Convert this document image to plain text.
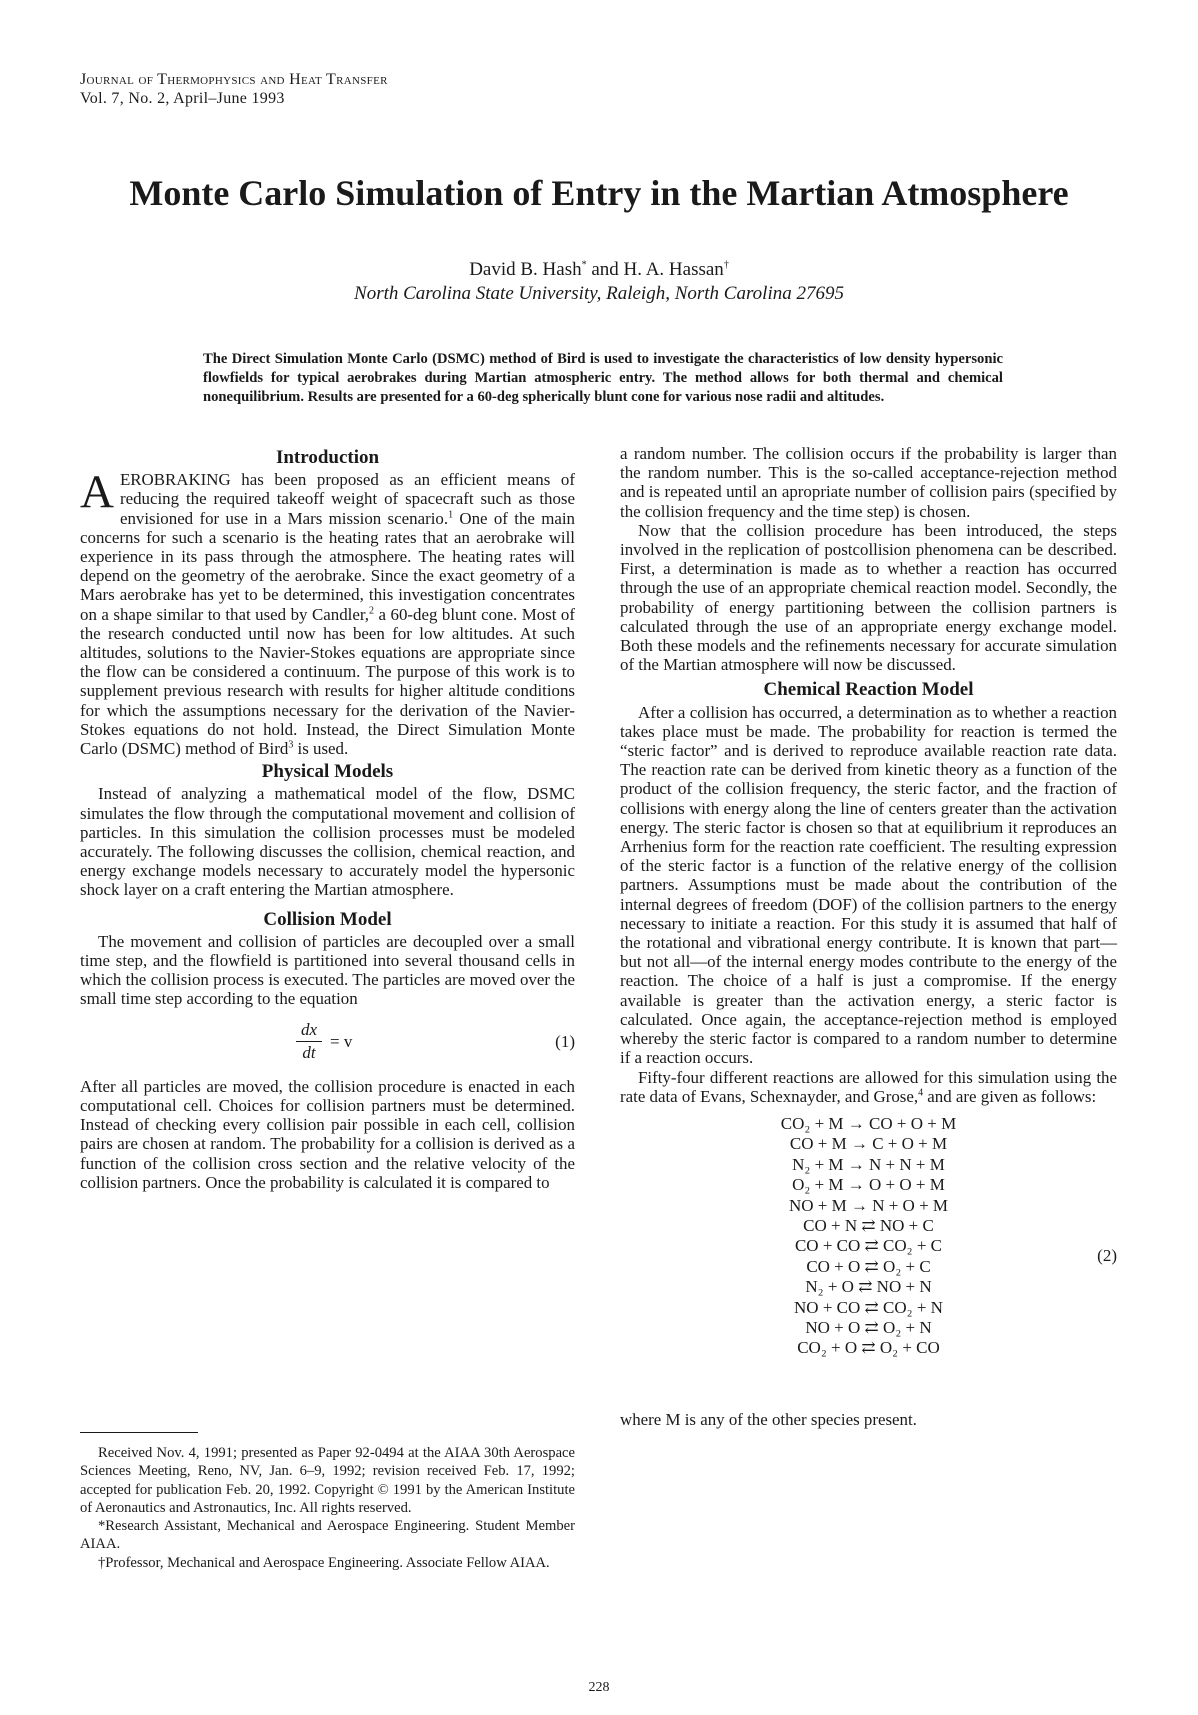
Journal of Thermophysics and Heat Transfer
Vol. 7, No. 2, April–June 1993
Monte Carlo Simulation of Entry in the Martian Atmosphere
David B. Hash* and H. A. Hassan†
North Carolina State University, Raleigh, North Carolina 27695
The Direct Simulation Monte Carlo (DSMC) method of Bird is used to investigate the characteristics of low density hypersonic flowfields for typical aerobrakes during Martian atmospheric entry. The method allows for both thermal and chemical nonequilibrium. Results are presented for a 60-deg spherically blunt cone for various nose radii and altitudes.
Introduction

AEROBRAKING has been proposed as an efficient means of reducing the required takeoff weight of spacecraft such as those envisioned for use in a Mars mission scenario.$^1$ One of the main concerns for such a scenario is the heating rates that an aerobrake will experience in its pass through the atmosphere. The heating rates will depend on the geometry of the aerobrake. Since the exact geometry of a Mars aerobrake has yet to be determined, this investigation concentrates on a shape similar to that used by Candler,$^2$ a 60-deg blunt cone. Most of the research conducted until now has been for low altitudes. At such altitudes, solutions to the Navier-Stokes equations are appropriate since the flow can be considered a continuum. The purpose of this work is to supplement previous research with results for higher altitude conditions for which the assumptions necessary for the derivation of the Navier-Stokes equations do not hold. Instead, the Direct Simulation Monte Carlo (DSMC) method of Bird$^3$ is used.

Physical Models

Instead of analyzing a mathematical model of the flow, DSMC simulates the flow through the computational movement and collision of particles. In this simulation the collision processes must be modeled accurately. The following discusses the collision, chemical reaction, and energy exchange models necessary to accurately model the hypersonic shock layer on a craft entering the Martian atmosphere.

Collision Model

The movement and collision of particles are decoupled over a small time step, and the flowfield is partitioned into several thousand cells in which the collision process is executed. The particles are moved over the small time step according to the equation

dx
dt
= v	(1)

After all particles are moved, the collision procedure is enacted in each computational cell. Choices for collision partners must be determined. Instead of checking every collision pair possible in each cell, collision pairs are chosen at random. The probability for a collision is derived as a function of the collision cross section and the relative velocity of the collision partners. Once the probability is calculated it is compared to

a random number. The collision occurs if the probability is larger than the random number. This is the so-called acceptance-rejection method and is repeated until an apropriate number of collision pairs (specified by the collision frequency and the time step) is chosen.

Now that the collision procedure has been introduced, the steps involved in the replication of postcollision phenomena can be described. First, a determination is made as to whether a reaction has occurred through the use of an appropriate chemical reaction model. Secondly, the probability of energy partitioning between the collision partners is calculated through the use of an appropriate energy exchange model. Both these models and the refinements necessary for accurate simulation of the Martian atmosphere will now be discussed.

Chemical Reaction Model

After a collision has occurred, a determination as to whether a reaction takes place must be made. The probability for reaction is termed the “steric factor” and is derived to reproduce available reaction rate data. The reaction rate can be derived from kinetic theory as a function of the product of the collision frequency, the steric factor, and the fraction of collisions with energy along the line of centers greater than the activation energy. The steric factor is chosen so that at equilibrium it reproduces an Arrhenius form for the reaction rate coefficient. The resulting expression of the steric factor is a function of the relative energy of the collision partners. Assumptions must be made about the contribution of the internal degrees of freedom (DOF) of the collision partners to the energy necessary to initiate a reaction. For this study it is assumed that half of the rotational and vibrational energy contribute. It is known that part—but not all—of the internal energy modes contribute to the energy of the reaction. The choice of a half is just a compromise. If the energy available is greater than the activation energy, a steric factor is calculated. Once again, the acceptance-rejection method is employed whereby the steric factor is compared to a random number to determine if a reaction occurs.

Fifty-four different reactions are allowed for this simulation using the rate data of Evans, Schexnayder, and Grose,$^4$ and are given as follows:

CO₂ + M → CO + O + M
CO + M → C + O + M
N₂ + M → N + N + M
O₂ + M → O + O + M
NO + M → N + O + M
CO + N ⇄ NO + C
CO + CO ⇄ CO₂ + C
CO + O ⇄ O₂ + C
N₂ + O ⇄ NO + N
NO + CO ⇄ CO₂ + N
NO + O ⇄ O₂ + N
CO₂ + O ⇄ O₂ + CO
(2)

where M is any of the other species present.

Received Nov. 4, 1991; presented as Paper 92-0494 at the AIAA 30th Aerospace Sciences Meeting, Reno, NV, Jan. 6–9, 1992; revision received Feb. 17, 1992; accepted for publication Feb. 20, 1992. Copyright © 1991 by the American Institute of Aeronautics and Astronautics, Inc. All rights reserved.

*Research Assistant, Mechanical and Aerospace Engineering. Student Member AIAA.

†Professor, Mechanical and Aerospace Engineering. Associate Fellow AIAA.

228
